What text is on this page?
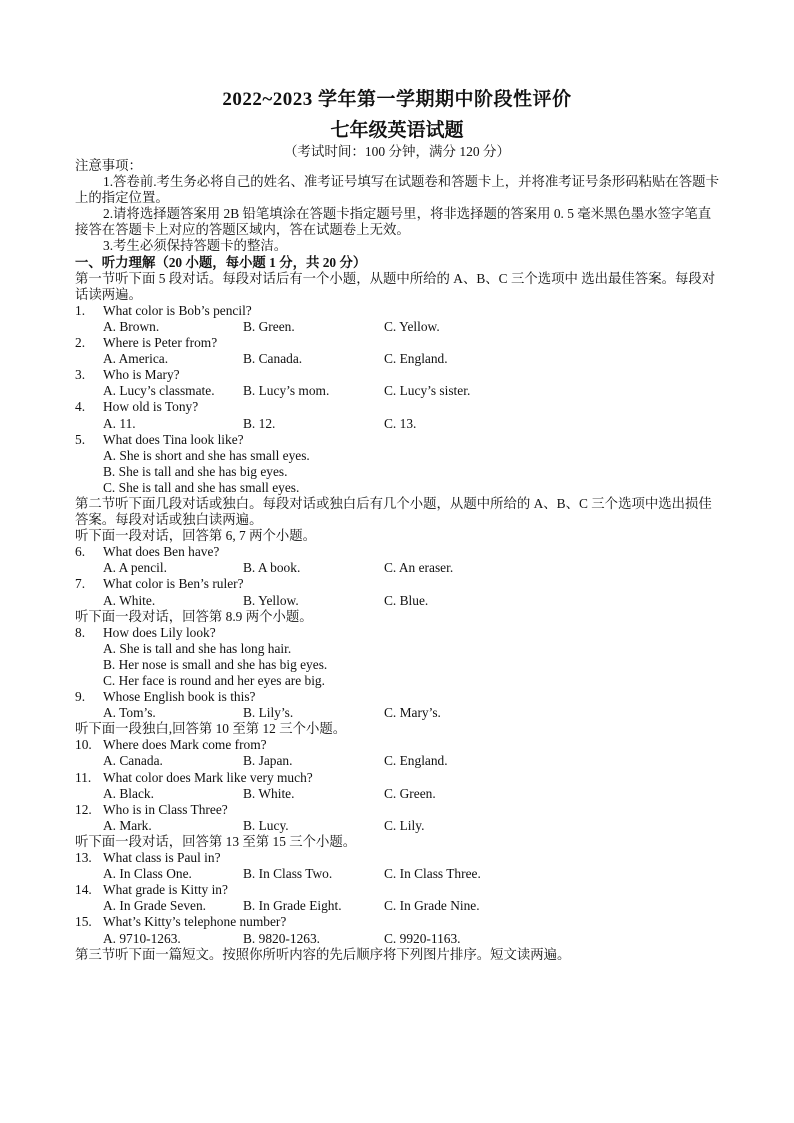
2022~2023 学年第一学期期中阶段性评价
七年级英语试题
（考试时间：100 分钟，满分 120 分）
注意事项：
1.答卷前.考生务必将自己的姓名、准考证号填写在试题卷和答题卡上，并将准考证号条形码粘贴在答题卡上的指定位置。
2.请将选择题答案用 2B 铅笔填涂在答题卡指定题号里，将非选择题的答案用 0. 5 毫米黑色墨水签字笔直接答在答题卡上对应的答题区域内，答在试题卷上无效。
3.考生必须保持答题卡的整洁。
一、听力理解（20 小题，每小题 1 分，共 20 分）
第一节听下面 5 段对话。每段对话后有一个小题，从题中所给的 A、B、C 三个选项中 选出最佳答案。每段对话读两遍。
1.	What color is Bob’s pencil?
A. Brown.	B. Green.	C. Yellow.
2.	Where is Peter from?
A. America.	B. Canada.	C. England.
3.	Who is Mary?
A. Lucy’s classmate.	B. Lucy’s mom.	C. Lucy’s sister.
4.	How old is Tony?
A. 11.	B. 12.	C. 13.
5.	What does Tina look like?
A. She is short and she has small eyes.
B. She is tall and she has big eyes.
C. She is tall and she has small eyes.
第二节听下面几段对话或独白。每段对话或独白后有几个小题，从题中所给的 A、B、C 三个选项中选出损佳答案。每段对话或独白读两遍。
听下面一段对话，回答第 6, 7 两个小题。
6.	What does Ben have?
A. A pencil.	B. A book.	C. An eraser.
7.	What color is Ben’s ruler?
A. White.	B. Yellow.	C. Blue.
听下面一段对话，回答第 8.9 两个小题。
8.	How does Lily look?
A. She is tall and she has long hair.
B. Her nose is small and she has big eyes.
C. Her face is round and her eyes are big.
9.	Whose English book is this?
A. Tom’s.	B. Lily’s.	C. Mary’s.
听下面一段独白,回答第 10 至第 12 三个小题。
10. Where does Mark come from?
A. Canada.	B. Japan.	C. England.
11. What color does Mark like very much?
A. Black.	B. White.	C. Green.
12. Who is in Class Three?
A. Mark.	B. Lucy.	C. Lily.
听下面一段对话，回答第 13 至第 15 三个小题。
13. What class is Paul in?
A. In Class One.	B. In Class Two.	C. In Class Three.
14. What grade is Kitty in?
A. In Grade Seven.	B. In Grade Eight.	C. In Grade Nine.
15. What’s Kitty’s telephone number?
A. 9710-1263.	B. 9820-1263.	C. 9920-1163.
第三节听下面一篇短文。按照你所听内容的先后顺序将下列图片排序。短文读两遍。
